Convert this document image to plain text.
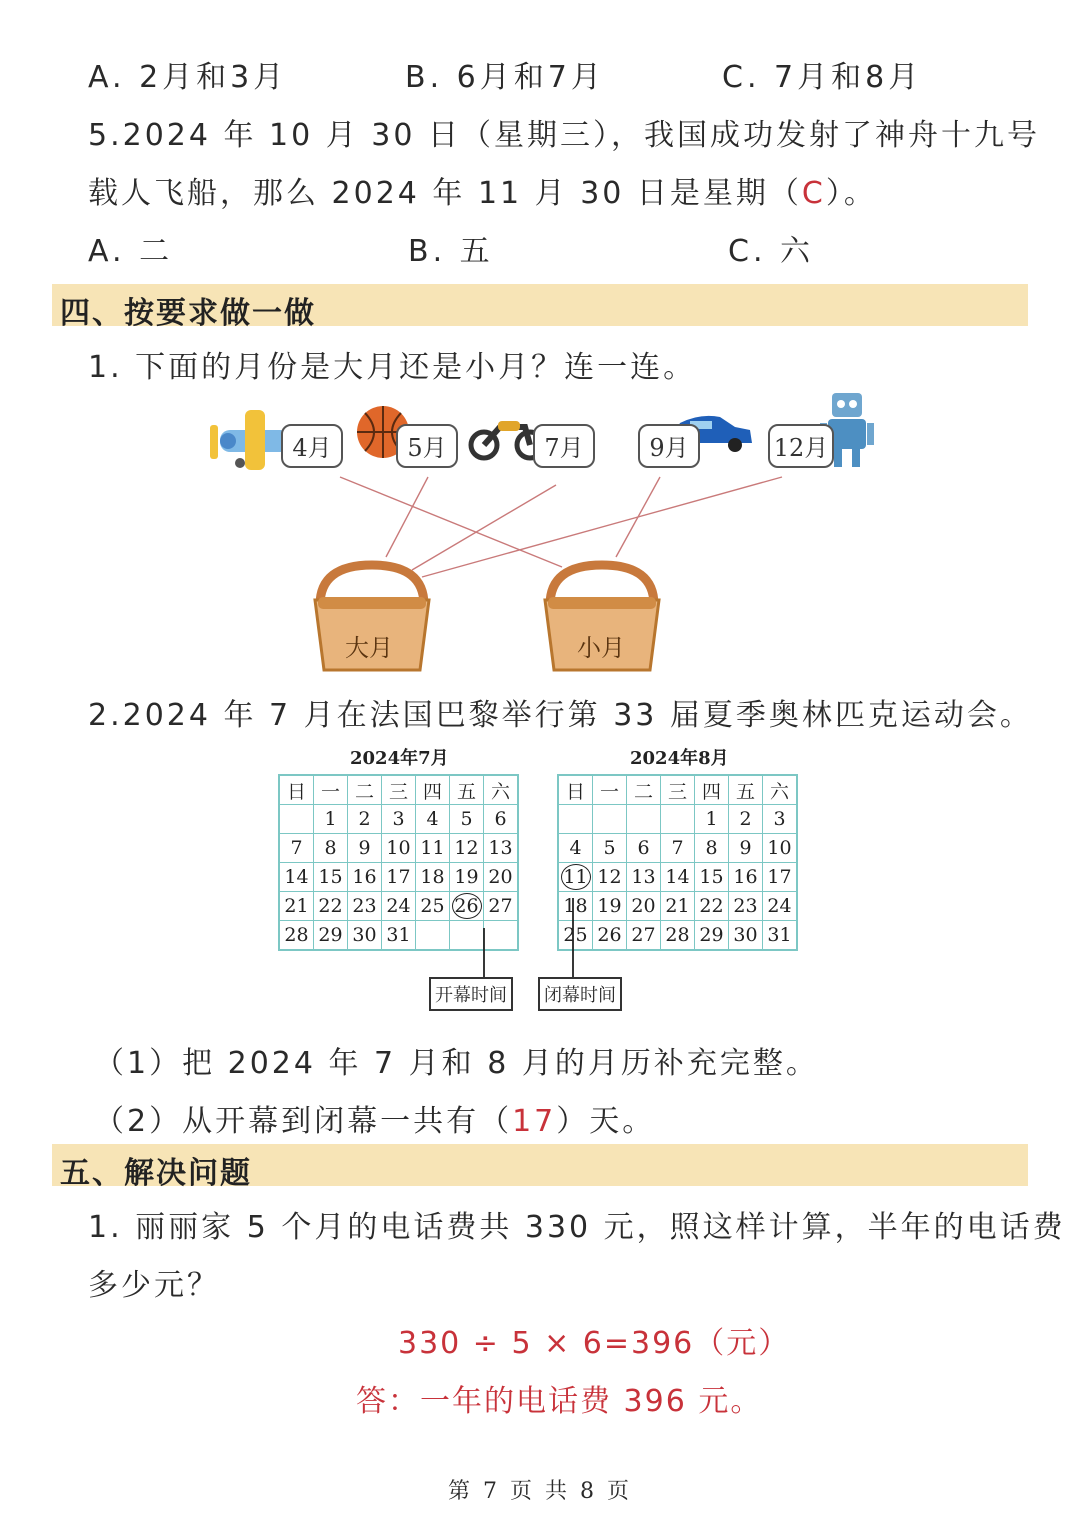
A. 2月和3月	B. 6月和7月	C. 7月和8月
5.2024 年 10 月 30 日（星期三），我国成功发射了神舟十九号
载人飞船，那么 2024 年 11 月 30 日是星期（C）。
A. 二	B. 五	C. 六
四、按要求做一做
1. 下面的月份是大月还是小月？连一连。
4月	5月	7月	9月	12月
大月	小月
2.2024 年 7 月在法国巴黎举行第 33 届夏季奥林匹克运动会。
2024年7月	2024年8月
日	一	二	三	四	五	六
	1	2	3	4	5	6
7	8	9	10	11	12	13
14	15	16	17	18	19	20
21	22	23	24	25	26	27
28	29	30	31			
日	一	二	三	四	五	六
				1	2	3
4	5	6	7	8	9	10
11	12	13	14	15	16	17
18	19	20	21	22	23	24
25	26	27	28	29	30	31
开幕时间	闭幕时间
（1）把 2024 年 7 月和 8 月的月历补充完整。
（2）从开幕到闭幕一共有（17）天。
五、解决问题
1. 丽丽家 5 个月的电话费共 330 元，照这样计算，半年的电话费
多少元？
330 ÷ 5 × 6=396（元）
答：一年的电话费 396 元。
第 7 页 共 8 页
